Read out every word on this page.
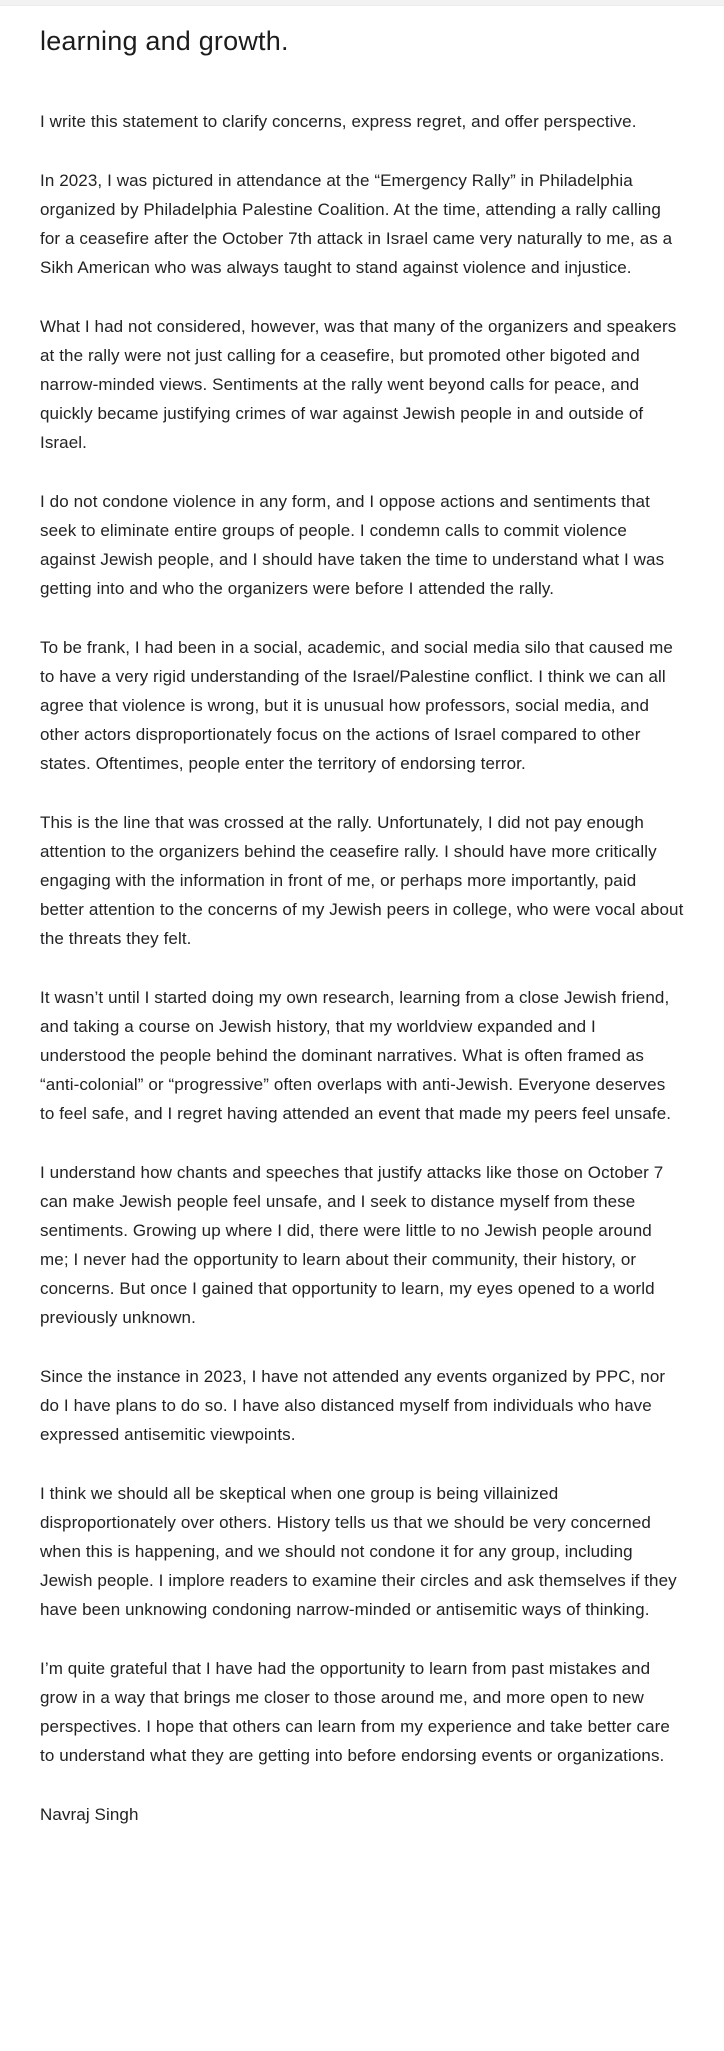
learning and growth.

I write this statement to clarify concerns, express regret, and offer perspective.

In 2023, I was pictured in attendance at the “Emergency Rally” in Philadelphia organized by Philadelphia Palestine Coalition. At the time, attending a rally calling for a ceasefire after the October 7th attack in Israel came very naturally to me, as a Sikh American who was always taught to stand against violence and injustice.

What I had not considered, however, was that many of the organizers and speakers at the rally were not just calling for a ceasefire, but promoted other bigoted and narrow-minded views. Sentiments at the rally went beyond calls for peace, and quickly became justifying crimes of war against Jewish people in and outside of Israel.

I do not condone violence in any form, and I oppose actions and sentiments that seek to eliminate entire groups of people. I condemn calls to commit violence against Jewish people, and I should have taken the time to understand what I was getting into and who the organizers were before I attended the rally.

To be frank, I had been in a social, academic, and social media silo that caused me to have a very rigid understanding of the Israel/Palestine conflict. I think we can all agree that violence is wrong, but it is unusual how professors, social media, and other actors disproportionately focus on the actions of Israel compared to other states. Oftentimes, people enter the territory of endorsing terror.

This is the line that was crossed at the rally. Unfortunately, I did not pay enough attention to the organizers behind the ceasefire rally. I should have more critically engaging with the information in front of me, or perhaps more importantly, paid better attention to the concerns of my Jewish peers in college, who were vocal about the threats they felt.

It wasn’t until I started doing my own research, learning from a close Jewish friend, and taking a course on Jewish history, that my worldview expanded and I understood the people behind the dominant narratives. What is often framed as “anti-colonial” or “progressive” often overlaps with anti-Jewish. Everyone deserves to feel safe, and I regret having attended an event that made my peers feel unsafe.

I understand how chants and speeches that justify attacks like those on October 7 can make Jewish people feel unsafe, and I seek to distance myself from these sentiments. Growing up where I did, there were little to no Jewish people around me; I never had the opportunity to learn about their community, their history, or concerns. But once I gained that opportunity to learn, my eyes opened to a world previously unknown.

Since the instance in 2023, I have not attended any events organized by PPC, nor do I have plans to do so. I have also distanced myself from individuals who have expressed antisemitic viewpoints.

I think we should all be skeptical when one group is being villainized disproportionately over others. History tells us that we should be very concerned when this is happening, and we should not condone it for any group, including Jewish people. I implore readers to examine their circles and ask themselves if they have been unknowing condoning narrow-minded or antisemitic ways of thinking.

I’m quite grateful that I have had the opportunity to learn from past mistakes and grow in a way that brings me closer to those around me, and more open to new perspectives. I hope that others can learn from my experience and take better care to understand what they are getting into before endorsing events or organizations.

Navraj Singh
